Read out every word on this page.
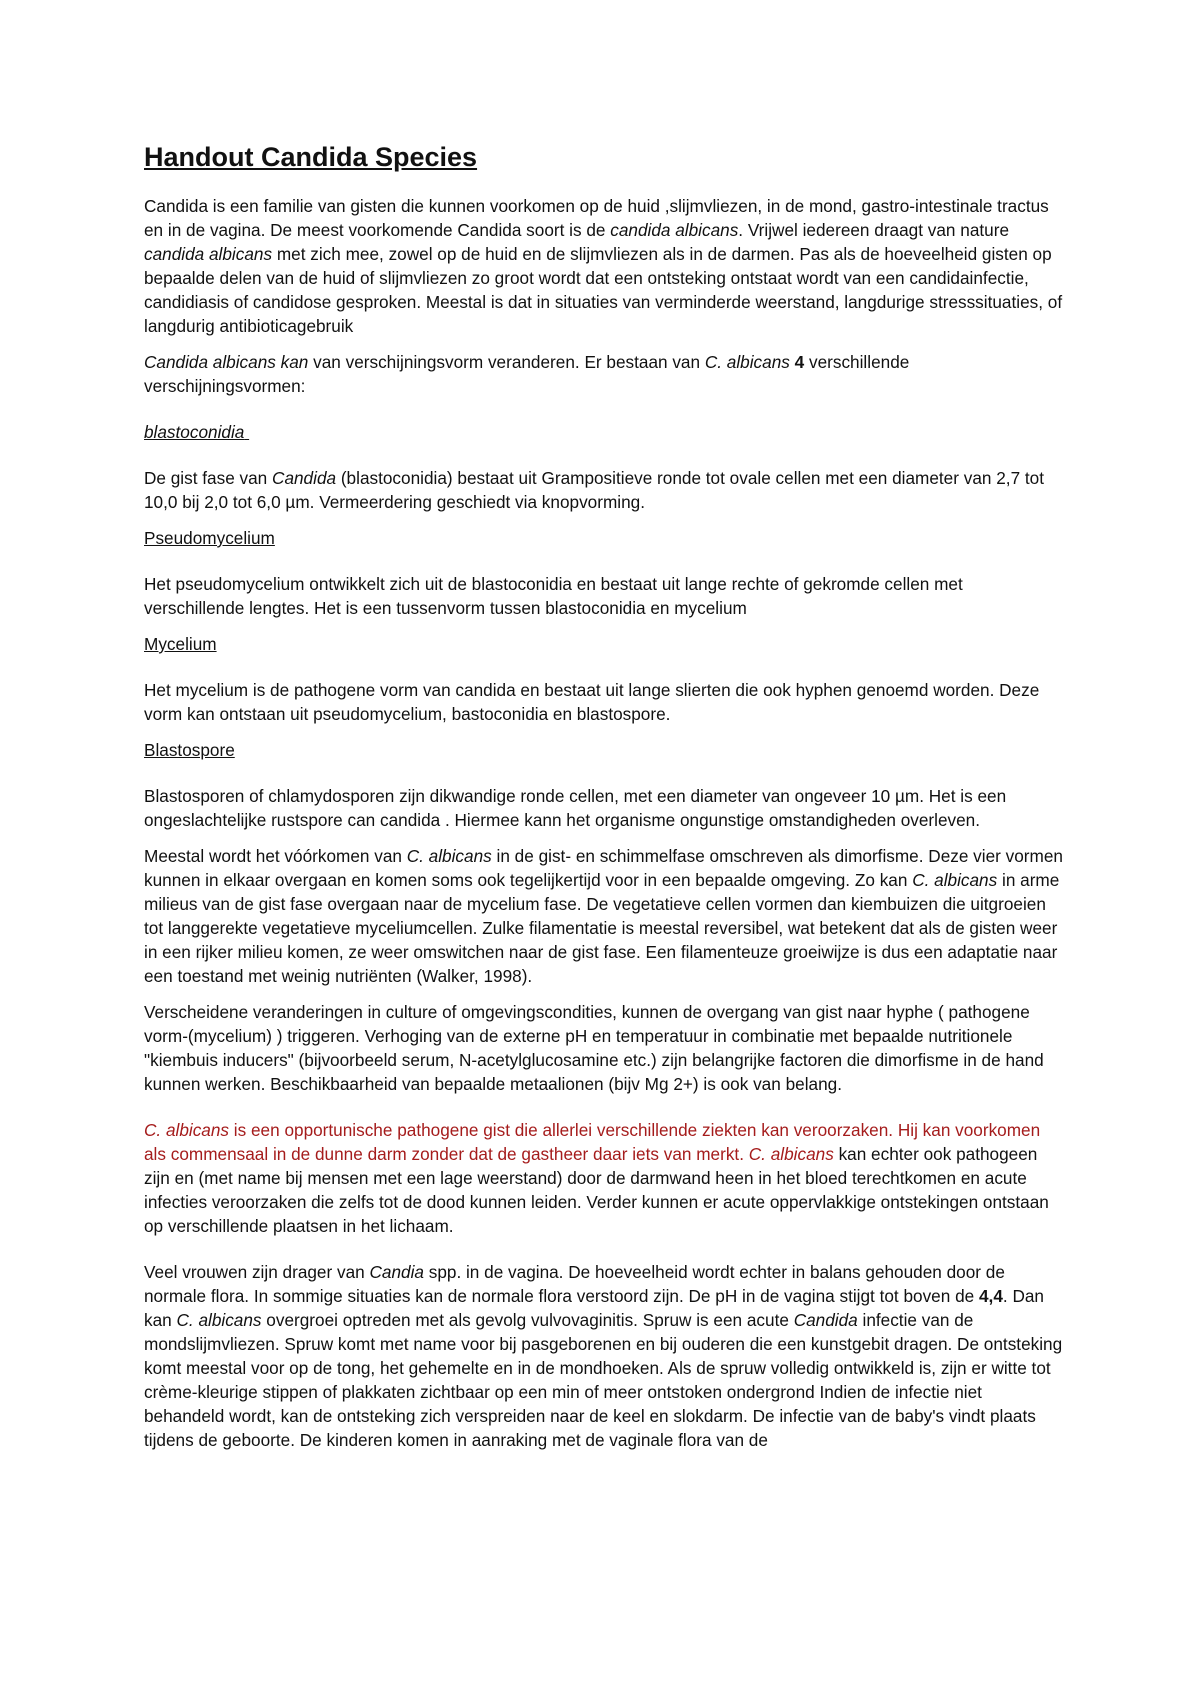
Handout Candida Species

Candida is een familie van gisten die kunnen voorkomen op de huid ,slijmvliezen, in de mond, gastro-intestinale tractus en in de vagina. De meest voorkomende Candida soort is de candida albicans. Vrijwel iedereen draagt van nature candida albicans met zich mee, zowel op de huid en de slijmvliezen als in de darmen. Pas als de hoeveelheid gisten op bepaalde delen van de huid of slijmvliezen zo groot wordt dat een ontsteking ontstaat wordt van een candidainfectie, candidiasis of candidose gesproken. Meestal is dat in situaties van verminderde weerstand, langdurige stresssituaties, of langdurig antibioticagebruik

Candida albicans kan van verschijningsvorm veranderen. Er bestaan van C. albicans 4 verschillende verschijningsvormen:

blastoconidia

De gist fase van Candida (blastoconidia) bestaat uit Grampositieve ronde tot ovale cellen met een diameter van 2,7 tot 10,0 bij 2,0 tot 6,0 µm. Vermeerdering geschiedt via knopvorming.

Pseudomycelium

Het pseudomycelium ontwikkelt zich uit de blastoconidia en bestaat uit lange rechte of gekromde cellen met verschillende lengtes. Het is een tussenvorm tussen blastoconidia en mycelium

Mycelium

Het mycelium is de pathogene vorm van candida en bestaat uit lange slierten die ook hyphen genoemd worden. Deze vorm kan ontstaan uit pseudomycelium, bastoconidia en blastospore.

Blastospore

Blastosporen of chlamydosporen zijn dikwandige ronde cellen, met een diameter van ongeveer 10 µm. Het is een ongeslachtelijke rustspore can candida . Hiermee kann het organisme ongunstige omstandigheden overleven.

Meestal wordt het vóórkomen van C. albicans in de gist- en schimmelfase omschreven als dimorfisme. Deze vier vormen kunnen in elkaar overgaan en komen soms ook tegelijkertijd voor in een bepaalde omgeving. Zo kan C. albicans in arme milieus van de gist fase overgaan naar de mycelium fase. De vegetatieve cellen vormen dan kiembuizen die uitgroeien tot langgerekte vegetatieve myceliumcellen. Zulke filamentatie is meestal reversibel, wat betekent dat als de gisten weer in een rijker milieu komen, ze weer omswitchen naar de gist fase. Een filamenteuze groeiwijze is dus een adaptatie naar een toestand met weinig nutriënten (Walker, 1998).

Verscheidene veranderingen in culture of omgevingscondities, kunnen de overgang van gist naar hyphe ( pathogene vorm-(mycelium) ) triggeren. Verhoging van de externe pH en temperatuur in combinatie met bepaalde nutritionele "kiembuis inducers" (bijvoorbeeld serum, N-acetylglucosamine etc.) zijn belangrijke factoren die dimorfisme in de hand kunnen werken. Beschikbaarheid van bepaalde metaalionen (bijv Mg 2+) is ook van belang.

C. albicans is een opportunische pathogene gist die allerlei verschillende ziekten kan veroorzaken. Hij kan voorkomen als commensaal in de dunne darm zonder dat de gastheer daar iets van merkt. C. albicans kan echter ook pathogeen zijn en (met name bij mensen met een lage weerstand) door de darmwand heen in het bloed terechtkomen en acute infecties veroorzaken die zelfs tot de dood kunnen leiden. Verder kunnen er acute oppervlakkige ontstekingen ontstaan op verschillende plaatsen in het lichaam.

Veel vrouwen zijn drager van Candia spp. in de vagina. De hoeveelheid wordt echter in balans gehouden door de normale flora. In sommige situaties kan de normale flora verstoord zijn. De pH in de vagina stijgt tot boven de 4,4. Dan kan C. albicans overgroei optreden met als gevolg vulvovaginitis. Spruw is een acute Candida infectie van de mondslijmvliezen. Spruw komt met name voor bij pasgeborenen en bij ouderen die een kunstgebit dragen. De ontsteking komt meestal voor op de tong, het gehemelte en in de mondhoeken. Als de spruw volledig ontwikkeld is, zijn er witte tot crème-kleurige stippen of plakkaten zichtbaar op een min of meer ontstoken ondergrond Indien de infectie niet behandeld wordt, kan de ontsteking zich verspreiden naar de keel en slokdarm. De infectie van de baby's vindt plaats tijdens de geboorte. De kinderen komen in aanraking met de vaginale flora van de
